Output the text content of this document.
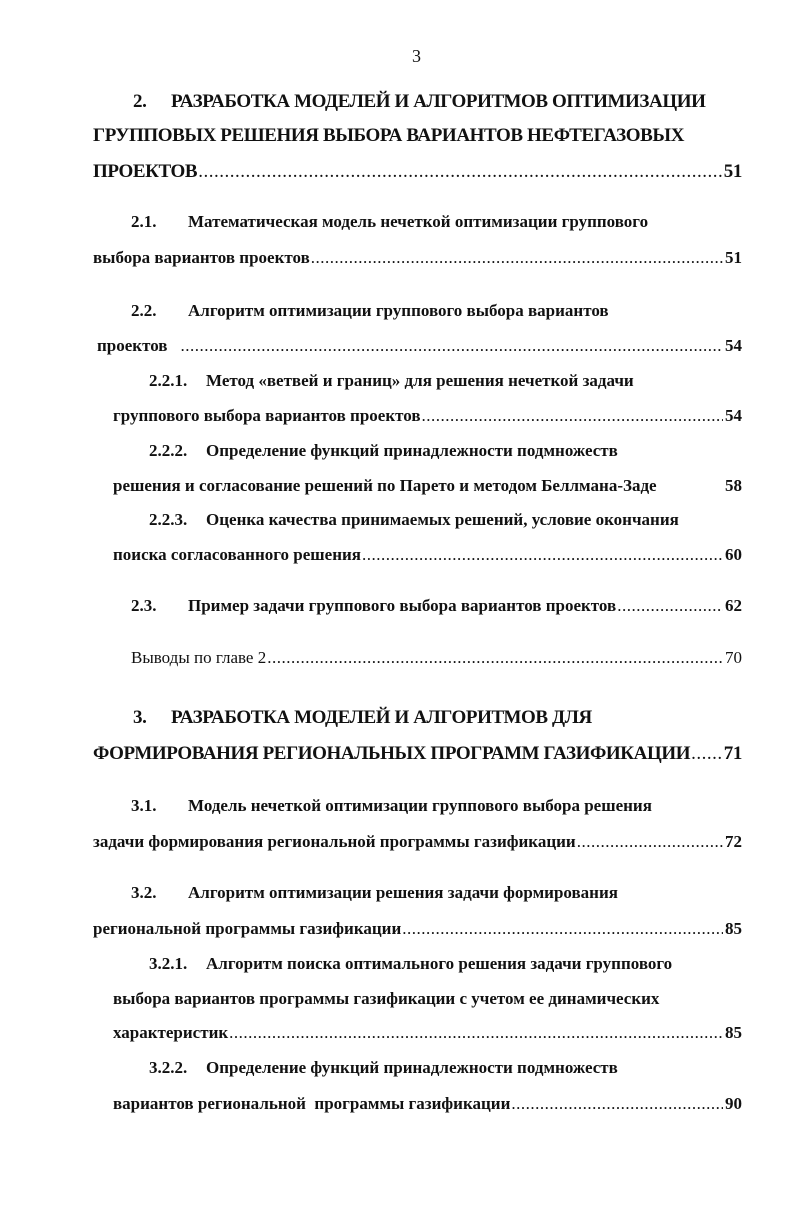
3
2.	РАЗРАБОТКА МОДЕЛЕЙ И АЛГОРИТМОВ ОПТИМИЗАЦИИ
ГРУППОВЫХ РЕШЕНИЯ ВЫБОРА ВАРИАНТОВ НЕФТЕГАЗОВЫХ
ПРОЕКТОВ .....	51
2.1.	Математическая модель нечеткой оптимизации группового
выбора вариантов проектов .....	51
2.2.	Алгоритм оптимизации группового выбора вариантов
проектов .....	54
2.2.1.	Метод «ветвей и границ» для решения нечеткой задачи
группового выбора вариантов проектов .....	54
2.2.2.	Определение функций принадлежности подмножеств
решения и согласование решений по Парето и методом Беллмана-Заде	58
2.2.3.	Оценка качества принимаемых решений, условие окончания
поиска согласованного решения .....	60
2.3.	Пример задачи группового выбора вариантов проектов .....	62
Выводы по главе 2 .....	70
3.	РАЗРАБОТКА МОДЕЛЕЙ И АЛГОРИТМОВ ДЛЯ
ФОРМИРОВАНИЯ РЕГИОНАЛЬНЫХ ПРОГРАММ ГАЗИФИКАЦИИ ..... 71
3.1.	Модель нечеткой оптимизации группового выбора решения
задачи формирования региональной программы газификации .....	72
3.2.	Алгоритм оптимизации решения задачи формирования
региональной программы газификации .....	85
3.2.1.	Алгоритм поиска оптимального решения задачи группового
выбора вариантов программы газификации с учетом ее динамических
характеристик .....	85
3.2.2.	Определение функций принадлежности подмножеств
вариантов региональной  программы газификации .....	90
